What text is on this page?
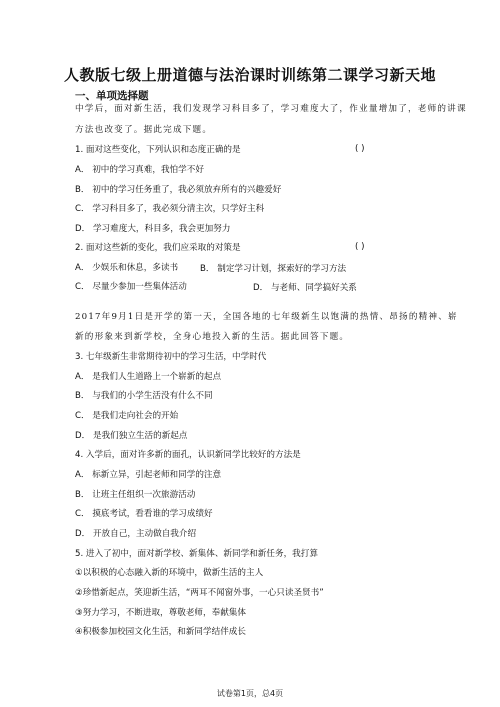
人教版七级上册道德与法治课时训练第二课学习新天地
一、单项选择题
中学后，面对新生活，我们发现学习科目多了，学习难度大了，作业量增加了，老师的讲课
方法也改变了。据此完成下题。
1. 面对这些变化，下列认识和态度正确的是	( )
A． 初中的学习真难，我怕学不好
B． 初中的学习任务重了，我必须放弃所有的兴趣爱好
C． 学习科目多了，我必须分清主次，只学好主科
D． 学习难度大，科目多，我会更加努力
2. 面对这些新的变化，我们应采取的对策是	( )
A． 少娱乐和休息，多读书	B． 制定学习计划，探索好的学习方法
C． 尽量少参加一些集体活动	D． 与老师、同学搞好关系
2017年9月1日是开学的第一天，全国各地的七年级新生以饱满的热情、昂扬的精神、崭
新的形象来到新学校，全身心地投入新的生活。据此回答下题。
3. 七年级新生非常期待初中的学习生活，中学时代
A． 是我们人生道路上一个崭新的起点
B． 与我们的小学生活没有什么不同
C． 是我们走向社会的开始
D． 是我们独立生活的新起点
4. 入学后，面对许多新的面孔，认识新同学比较好的方法是
A． 标新立异，引起老师和同学的注意
B． 让班主任组织一次旅游活动
C． 摸底考试，看看谁的学习成绩好
D． 开放自己，主动做自我介绍
5. 进入了初中，面对新学校、新集体、新同学和新任务，我打算
①以积极的心态融入新的环境中，做新生活的主人
②珍惜新起点，笑迎新生活，“两耳不闻窗外事，一心只读圣贤书”
③努力学习，不断进取，尊敬老师，奉献集体
④积极参加校园文化生活，和新同学结伴成长
试卷第1页，总4页
